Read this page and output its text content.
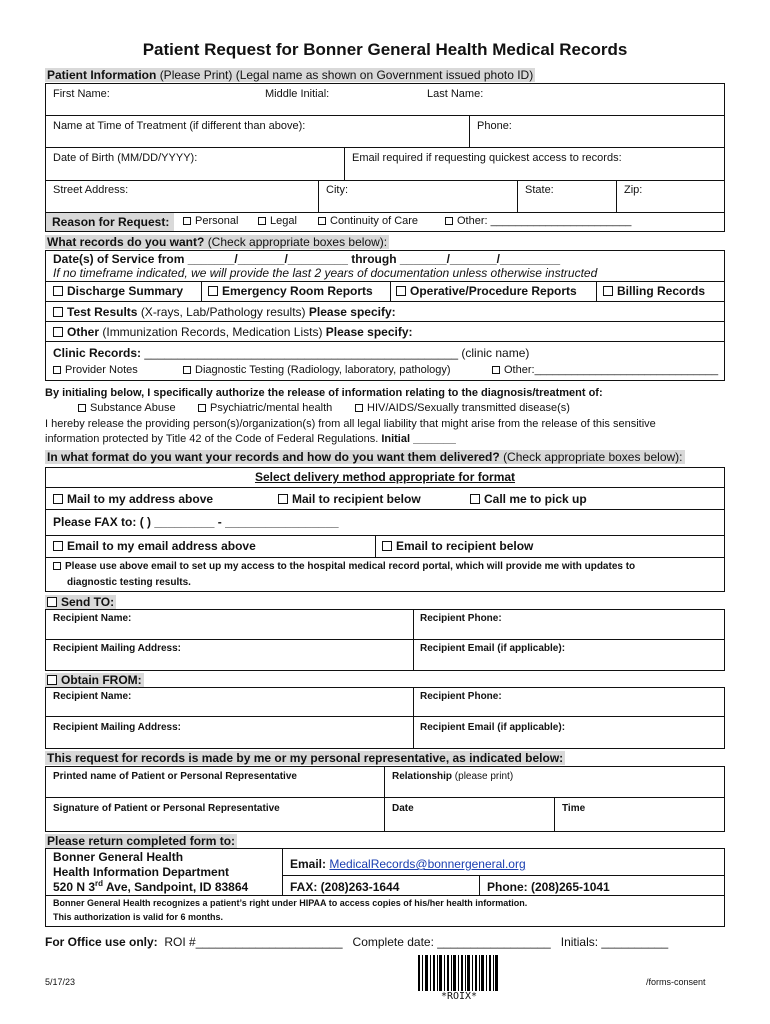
Patient Request for Bonner General Health Medical Records
Patient Information (Please Print) (Legal name as shown on Government issued photo ID)
First Name:	Middle Initial:	Last Name:
Name at Time of Treatment (if different than above):	Phone:
Date of Birth (MM/DD/YYYY):	Email required if requesting quickest access to records:
Street Address:	City:	State:	Zip:
Reason for Request:	Personal	Legal	Continuity of Care	Other: _______________________
What records do you want? (Check appropriate boxes below):
Date(s) of Service from _______/_______/_________ through _______/_______/_________
If no timeframe indicated, we will provide the last 2 years of documentation unless otherwise instructed
Discharge Summary	Emergency Room Reports	Operative/Procedure Reports	Billing Records
Test Results (X-rays, Lab/Pathology results) Please specify:
Other (Immunization Records, Medication Lists) Please specify:
Clinic Records: _______________________________________________ (clinic name)
Provider Notes	Diagnostic Testing (Radiology, laboratory, pathology)	Other:______________________________
By initialing below, I specifically authorize the release of information relating to the diagnosis/treatment of:
Substance Abuse	Psychiatric/mental health	HIV/AIDS/Sexually transmitted disease(s)
I hereby release the providing person(s)/organization(s) from all legal liability that might arise from the release of this sensitive
information protected by Title 42 of the Code of Federal Regulations. Initial _______
In what format do you want your records and how do you want them delivered? (Check appropriate boxes below):
Select delivery method appropriate for format
Mail to my address above	Mail to recipient below	Call me to pick up
Please FAX to: ( ) _________ - _________________
Email to my email address above	Email to recipient below
Please use above email to set up my access to the hospital medical record portal, which will provide me with updates to
diagnostic testing results.
Send TO:
Recipient Name:	Recipient Phone:
Recipient Mailing Address:	Recipient Email (if applicable):
Obtain FROM:
Recipient Name:	Recipient Phone:
Recipient Mailing Address:	Recipient Email (if applicable):
This request for records is made by me or my personal representative, as indicated below:
Printed name of Patient or Personal Representative	Relationship (please print)
Signature of Patient or Personal Representative	Date	Time
Please return completed form to:
Bonner General Health
Health Information Department
520 N 3rd Ave, Sandpoint, ID 83864
Email: MedicalRecords@bonnergeneral.org
FAX: (208)263-1644	Phone: (208)265-1041
Bonner General Health recognizes a patient’s right under HIPAA to access copies of his/her health information.
This authorization is valid for 6 months.
For Office use only: ROI #______________________ Complete date: _________________ Initials: __________
5/17/23	/forms-consent
*ROIX*
